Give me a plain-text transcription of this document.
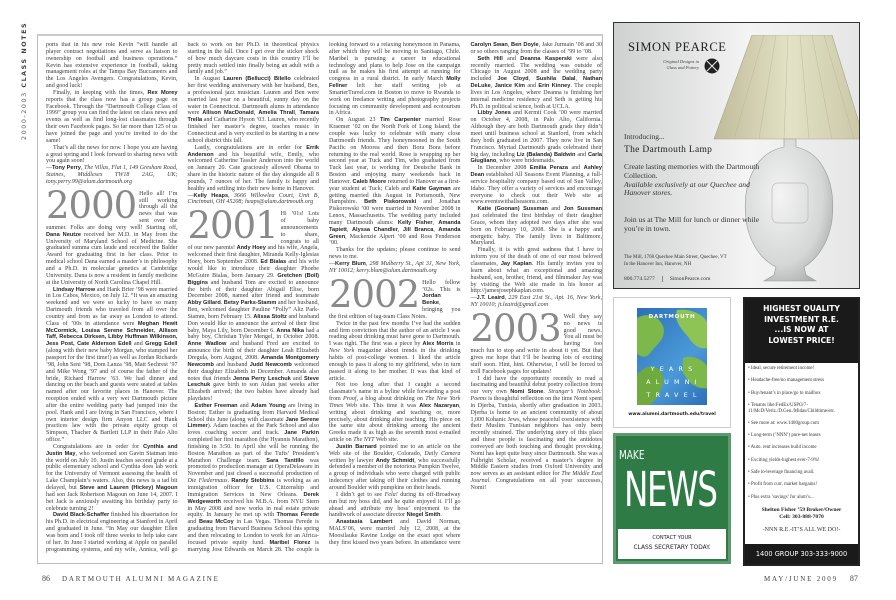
2000-2003 CLASS NOTES	ports that in his new role Kevin “will handle all player contract negotiations and serve as liaison to ownership on football and business operations.” Kevin has extensive experience in football, taking management roles at the Tampa Bay Buccaneers and the Los Angeles Avengers. Congratulations, Kevin, and good luck!

Finally, in keeping with the times, Rex Morey reports that the class now has a group page on Facebook. Through the “Dartmouth College Class of 1999” group you can find the latest on class news and events as well as find long-lost classmates through their own Facebook pages. So far more than 125 of us have joined the page and you’re invited to do the same!

That’s all the news for now. I hope you are having a great spring and I look forward to sharing news with you again soon!

—Tony Perry, The Villas, Flat 1, 149 Gresham Road, Staines, Middlesex TW18 2AG, UK; tony.perry.99@alum.dartmouth.org

2000 Hello all! I’m still working through all the news that was sent over the summer. Folks are doing very well! Starting off, Dana Neutze received her M.D. in May from the University of Maryland School of Medicine. She graduated summa cum laude and received the Balder Award for graduating first in her class. Prior to medical school Dana earned a master’s in philosophy and a Ph.D. in molecular genetics at Cambridge University. Dana is now a resident in family medicine at the University of North Carolina Chapel Hill.

Lindsay Harrow and Hank Brier ’98 were married in Los Cabos, Mexico, on July 12. “It was an amazing weekend and we were so lucky to have so many Dartmouth friends who traveled from all over the country and from as far away as London to attend. Class of ’00s in attendance were Meghan Hewit McCormick, Louisa Serene Schneider, Allison Taff, Rebecca Dirksen, Libby Huffman Wilkinson, Jess Post, Cate Alderson Edell and Gregg Edell (along with their new baby Morgan, who stamped her passport for the first time!) as well as Jordan Richards ’98, John Seni ’98, Dom Lanza ’98, Matt Sechrest ’97 and Mike Wong ’97 and of course the father of the bride, Richard Harrow ’63. We had dinner and dancing on the beach and guests were seated at tables named after our favorite places in Hanover. The reception ended with a very wet Dartmouth picture after the entire wedding party had jumped into the pool. Hank and I are living in San Francisco, where I own interior design firm Anyon LLC and Hank practices law with the private equity group of Simpson, Thacher & Bartlett LLP in their Palo Alto office.”

Congratulations are in order for Cynthia and Justin May, who welcomed son Gavin Statman into the world on July 10. Justin teaches second grade at a public elementary school and Cynthia does lab work for the University of Vermont assessing the health of Lake Champlain’s waters. Also, this news is a tad bit delayed, but Steve and Lauren (Hickey) Magoun had son Jack Robertson Magoun on June 14, 2007. I bet Jack is anxiously awaiting his birthday party to celebrate turning 2!

David Black-Schaffer finished his dissertation for his Ph.D. in electrical engineering at Stanford in April and graduated in June. “In May our daughter Ellen was born and I took off three weeks to help take care of her. In June I started working at Apple on parallel programming systems, and my wife, Annica, will go back to work on her Ph.D. in theoretical physics starting in the fall. Once I get over the sticker shock of how much daycare costs in this country I’ll be pretty much settled into finally being an adult with a family and job.”

In August Lauren (Bellucci) Bilello celebrated her first wedding anniversary with her husband, Ben, a professional jazz musician. Lauren and Ben were married last year on a beautiful, sunny day on the water in Connecticut. Dartmouth alums in attendance were Allison MacDonald, Amelia Thrall, Tamara Trella and Catharine Hyson ’03. Lauren, who recently finished her master’s degree, teaches music in Connecticut and is very excited to be starting in a new school district this fall.

Lastly, congratulations are in order for Errik Anderson and his beautiful wife, Emily, who welcomed Catherine Tassler Anderson into the world on January 20. Cate graciously allowed Obama to share in the historic nature of the day alongside all 8 pounds, 7 ounces of her. The family is happy and healthy and settling into their new home in Hanover.

—Kelly Heaps, 3666 Willowlea Court, Unit B, Cincinnati, OH 45208; heaps@alum.dartmouth.org

2001 Hi ’01s! Lots of baby announcements to share, congrats to all of our new parents! Andy Hoey and his wife, Angela, welcomed their first daughter, Miranda Kelly-Iglesias Hoey, born September 2008. Ed Bialas and his wife would like to introduce their daughter Phoebe McGuire Bialas, born January 29. Gretchen (Boll) Biggins and husband Tom are excited to announce the birth of their daughter Abigail Elise, born December 2008, named after friend and teammate Abby Gillard. Betsy Parks-Stamm and her husband, Ben, welcomed daughter Pauline “Polly” Altz Park-Stamm, born February 15. Alissa Stoltz and husband Don would like to announce the arrival of their first baby, Maya Lily, born December 6. Anna Nika had a baby boy, Christian Tyler Mengel, in October 2008. Anne Wadlow and husband Fred are excited to announce the birth of their daughter Leah Elizabeth Dregula, born August, 2008. Amanda Montgomery Newcomb and husband Judd Newcomb welcomed their daughter Elizabeth in December. Amanda also notes that friends Jenna Perry Leschuk and Steve Leschuk gave birth to son Aidan just weeks after Elizabeth arrived; the two babies have already had playdates!

Esther Freeman and Adam Young are living in Boston; Esther is graduating from Harvard Medical School this June (along with classmate Jane Serene Limmer). Adam teaches at the Park School and also loves coaching soccer and track. Jane Parkin completed her first marathon (the Hyannis Marathon), finishing in 3:50. In April she will be running the Boston Marathon as part of the Tufts’ President’s Marathon Challenge team. Sara Tantillo was promoted to production manager at OperaDelaware in November and just closed a successful production of Die Fledermaus. Randy Stebbins is working as an immigration officer for U.S. Citizenship and Immigration Services in New Orleans. Derek Wedgeworth received his M.B.A. from NYU Stern in May 2008 and now works in real estate private equity. In January he met up with Thomas Ferede and Beau McCoy in Las Vegas. Thomas Ferede is graduating from Harvard Business School this spring and then relocating to London to work for an Africa-focused private equity fund. Maribel Florez is marrying Jose Edwards on March 28. The couple is looking forward to a relaxing honeymoon in Panama, after which they will be moving to Santiago, Chile. Maribel is pursuing a career in educational technology and plans to help Jose on the campaign trail as he makes his first attempt at running for congress in a rural district. In early March Molly Fellner left her staff writing job at SmarterTravel.com in Boston to move to Rwanda to work on freelance writing and photography projects focusing on community development and ecotourism in Africa.

On August 23 Tim Carpenter married Rose Kraemer ’02 on the North Fork of Long Island; the couple was lucky to celebrate with many close Dartmouth friends. They honeymooned in the South Pacific on Moorea and then Bora Bora before returning to the real world. Rose is wrapping up her second year at Tuck and Tim, who graduated from Tuck last year, is working for Deutsche Bank in Boston and enjoying many weekends back in Hanover. Caleb Moore returned to Hanover as a first-year student at Tuck; Caleb and Katie Gayman are getting married this August in Portsmouth, New Hampshire. Beth Piskorowski and Jonathan Piskorowski ’00 were married in November 2008 in Lenox, Massachusetts. The wedding party included many Dartmouth alums: Kelly Fisher, Amanda Tapiett, Alyssa Chandler, Jill Branca, Amanda Green, Mackenzie Alpert ’00 and Ross Fenderson ’00.

Thanks for the updates; please continue to send news to me.

—Kerry Blum, 298 Mulberry St., Apt 3J, New York, NY 10012; kerry.blum@alum.dartmouth.org

2002 Hello fellow ’02s. This is Jordan Benke, bringing you the first edition of tag-team Class Notes.

Twice in the past few months I’ve had the sudden and firm conviction that the author of an article I was reading about drinking must have gone to Dartmouth. I was right. The first was a piece by Alex Morris in New York magazine about trends in the drinking habits of post-college women. I liked the article enough to pass it along to my girlfriend, who in turn passed it along to her mother. It was that kind of article.

Not too long after that I caught a second classmate’s name in a byline while forwarding a post from Proof, a blog about drinking on The New York Times Web site. This time it was Alex Nazaryan, writing about drinking and teaching or, more precisely, about drinking after teaching. His piece on the same site about drinking among the ancient Greeks made it as high as the seventh most e-mailed article on The NYT Web site.

Justin Barnard pointed me to an article on the Web site of the Boulder, Colorado, Daily Camera written by lawyer Andy Schmidt, who successfully defended a member of the notorious Pumpkin Twelve, a group of individuals who were charged with public indecency after taking off their clothes and running around Boulder with pumpkins on their heads.

I didn’t get to see Fela! during its off-Broadway run but my boss did, and he quite enjoyed it. I’ll go ahead and attribute my boss’ enjoyment to the handiwork of associate director Niegel Smith.

Anastasia Lambert and David Norman, MALS’06, were married July 12, 2008, at the Moosilauke Ravine Lodge on the exact spot where they first kissed two years before. In attendance were Carolyn Swan, Ben Doyle, Jake Jurmain ’08 and 30 or so others ranging from the classes of ’99 to ’08.

Seth Hill and Deanna Kasperski were also recently married. The wedding was outside of Chicago in August 2008 and the wedding party included Joe Cloyd, Sushila Dalal, Nathan DeLuke, Janice Kim and Erin Kinney. The couple lives in Los Angeles, where Deanna is finishing her internal medicine residency and Seth is getting his Ph.D. in political science, both at UCLA.

Libby Jones and Kermit Cook ’00 were married on October 4, 2008, in Palo Alto, California. Although they are both Dartmouth grads they didn’t meet until business school at Stanford, from which they both graduated in 2007. They now live in San Francisco. Myriad Dartmouth grads celebrated their big day, including Liz (Balanda) Baldwin and Carla Giugliano, who were bridesmaids.

In December 2008 Emilia Peraza and Ashley Dean established All Seasons Event Planning, a full-service hospitality company based out of Sun Valley, Idaho. They offer a variety of services and encourage everyone to check out their Web site at www.eventswithallseasons.com.

Katie (Goonan) Sussman and Jon Sussman just celebrated the first birthday of their daughter Grace, whom they adopted two days after she was born on February 10, 2008. She is a happy and energetic baby. The family lives in Baltimore, Maryland.

Finally, it is with great sadness that I have to inform you of the death of one of our most beloved classmates, Jay Kaplan. His family invites you to learn about what an exceptional and amazing husband, son, brother, friend, and filmmaker Jay was by visiting the Web site made in his honor at http://jamesjosephkaplan.com.

—J.T. Leaird, 229 East 21st St., Apt. 16, New York, NY 10010; jt.leaird@gmail.com

2003 Well they say no news is good news. You all must be having too much fun to stop and write in about it yet. But that gives me hope that I’ll be hearing lots of exciting stuff soon. Hint, hint. Otherwise, I will be forced to troll Facebook pages for updates!

I did have the opportunity recently to read a fascinating and beautiful debut poetry collection from our very own Nomi Stone. Stranger’s Notebook: Poems is thoughtful reflection on the time Nomi spent in Djerba, Tunisia, shortly after graduation in 2003. Djerba is home to an ancient community of about 1,000 Kohanic Jews, whose peaceful coexistence with their Muslim Tunisian neighbors has only been recently strained. The underlying story of this place and these people is fascinating and the antidotes conveyed are both touching and thought provoking. Nomi has kept quite busy since Dartmouth. She was a Fulbright Scholar, received a master’s degree in Middle Eastern studies from Oxford University and now serves as an assistant editor for The Middle East Journal. Congratulations on all your successes, Nomi!

86 DARTMOUTH ALUMNI MAGAZINE	MAY/JUNE 2009 87
SIMON PEARCE
Original Designs in Glass and Pottery
Introducing...
The Dartmouth Lamp
Create lasting memories with the Dartmouth Collection.
Available exclusively at our Quechee and Hanover stores.
Join us at The Mill for lunch or dinner while you’re in town.
The Mill, 1760 Quechee Main Street, Quechee, VT
In the Hanover Inn, Hanover, NH
800.774.5277	SimonPearce.com
DARTMOUTH
YEARS
ALUMNI
TRAVEL
www.alumni.dartmouth.edu/travel
MAKE
NEWS
CONTACT YOUR
CLASS SECRETARY TODAY.
HIGHEST QUALITY
INVESTMENT R.E.
...IS NOW AT
LOWEST PRICE!
• Ideal, secure retirement income!
• Headache-free/no management stress
• Buy/tenant’s in place/go to mailbox
• Tenants like:FedEx/USPO/7-11/McD/Veriz./D.Gen./Midas/Childtime/etc.
• See more at: www.1400group.com
• Long-term (’NNN’) pure-net leases
• Auto. rent increases build income
• Exciting yields-highest ever-7-9%!
• Safe lo-leverage financing avail.
• Profit from curr. market bargains!
• Plus extra ’savings’ for alum’s...
Shelton Fisher ’59 Broker/Owner
Cell: 303-888-7070
-NNN R.E.-IT’S ALL WE DO!-
1400 GROUP 303-333-9000
